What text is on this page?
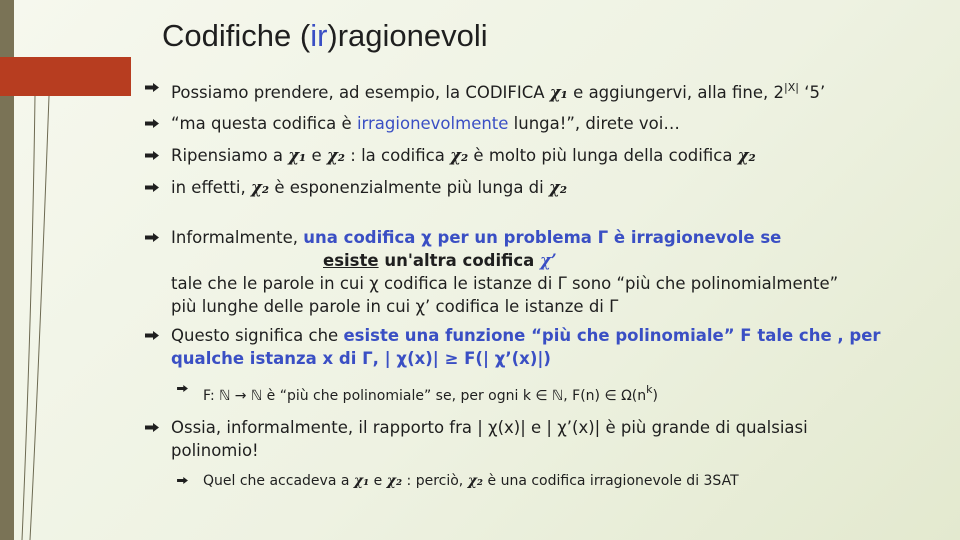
Codifiche (ir)ragionevoli
Possiamo prendere, ad esempio, la CODIFICA χ₁ e aggiungervi, alla fine, $2^{|X|}$ ‘5’
“ma questa codifica è irragionevolmente lunga!”, direte voi…
Ripensiamo a χ₁ e χ₂ : la codifica χ₂ è molto più lunga della codifica χ₂
in effetti, χ₂ è esponenzialmente più lunga di χ₂
Informalmente, una codifica χ per un problema Γ è irragionevole se
esiste un'altra codifica χ’
tale che le parole in cui χ codifica le istanze di Γ sono “più che polinomialmente”
più lunghe delle parole in cui χ’ codifica le istanze di Γ
Questo significa che esiste una funzione “più che polinomiale” F tale che , per
qualche istanza x di Γ, | χ(x)| ≥ F(| χ’(x)|)
F: ℕ → ℕ è “più che polinomiale” se, per ogni k ∈ ℕ, F(n) ∈ $\Omega(n^k)$
Ossia, informalmente, il rapporto fra | χ(x)| e | χ’(x)| è più grande di qualsiasi
polinomio!
Quel che accadeva a χ₁ e χ₂ : perciò, χ₂ è una codifica irragionevole di 3SAT
